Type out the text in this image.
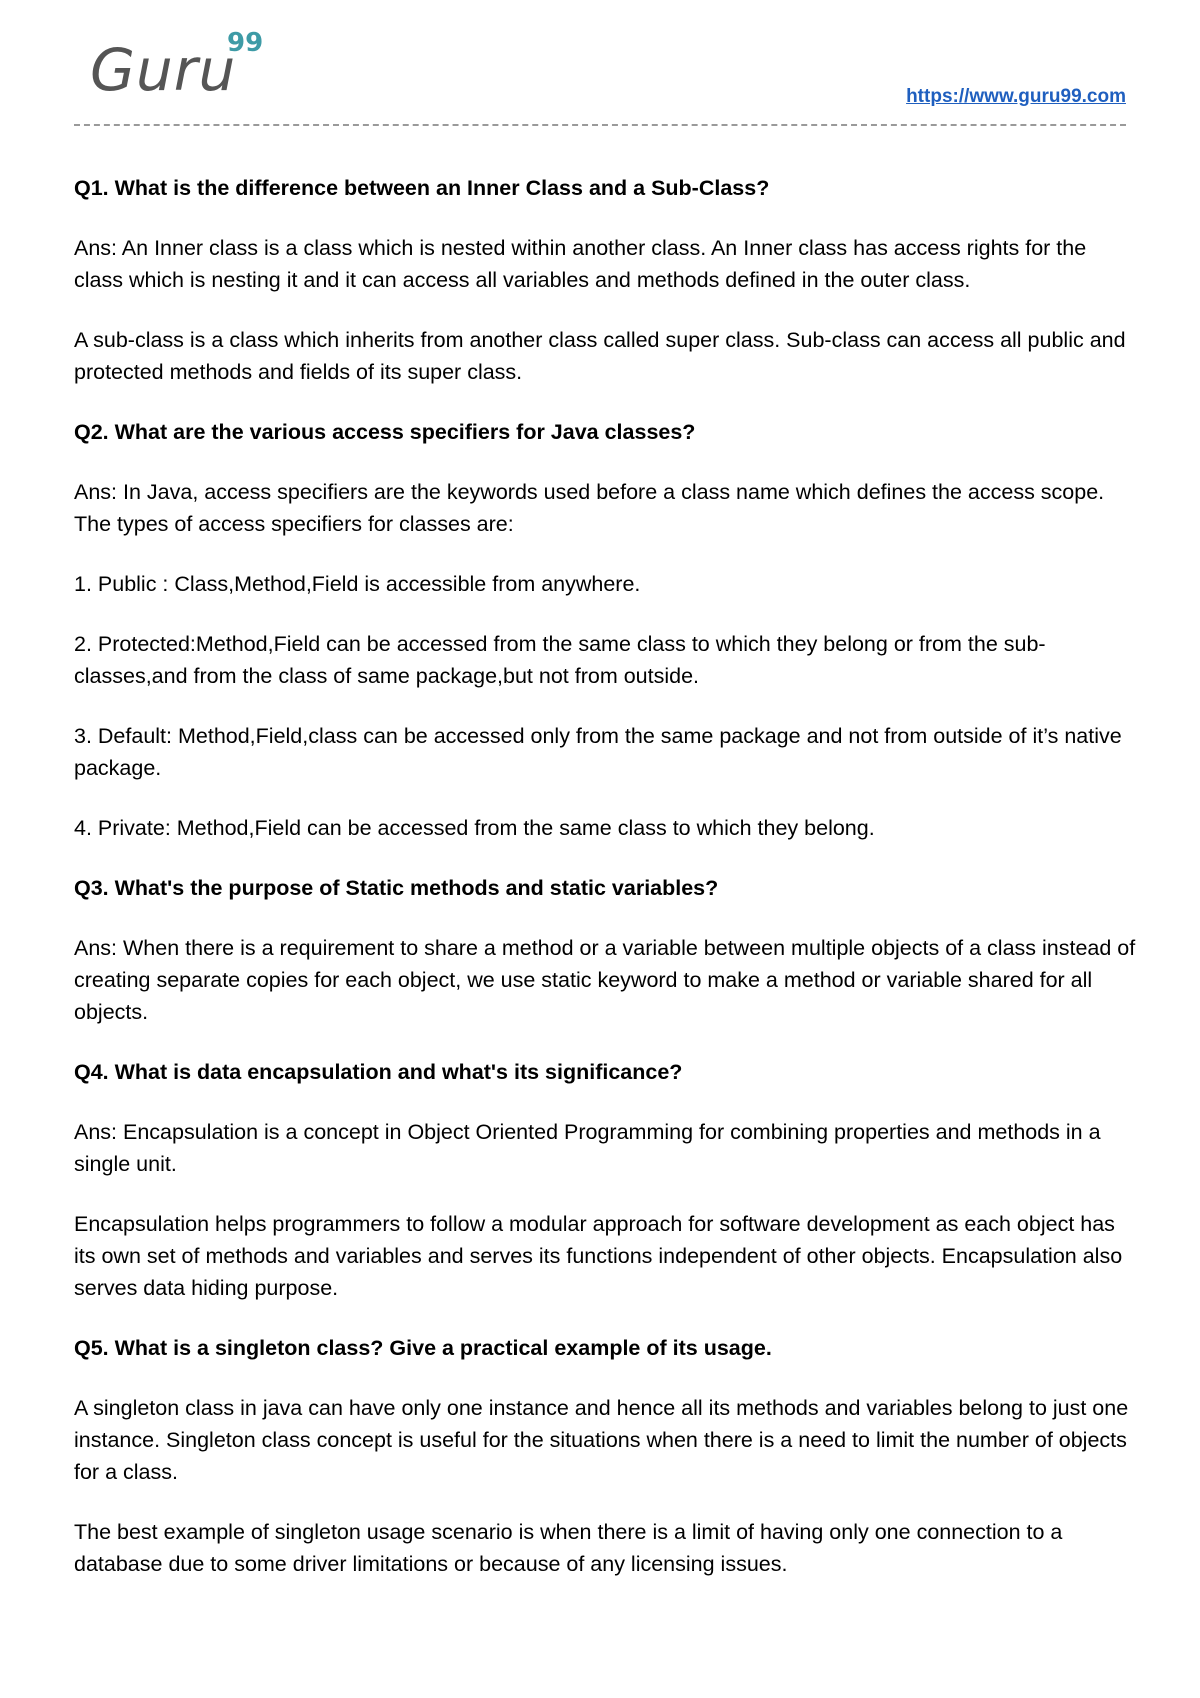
Guru
99
https://www.guru99.com

Q1. What is the difference between an Inner Class and a Sub-Class?

Ans: An Inner class is a class which is nested within another class. An Inner class has access rights for the class which is nesting it and it can access all variables and methods defined in the outer class.

A sub-class is a class which inherits from another class called super class. Sub-class can access all public and protected methods and fields of its super class.

Q2. What are the various access specifiers for Java classes?

Ans: In Java, access specifiers are the keywords used before a class name which defines the access scope. The types of access specifiers for classes are:

1. Public : Class,Method,Field is accessible from anywhere.

2. Protected:Method,Field can be accessed from the same class to which they belong or from the sub-classes,and from the class of same package,but not from outside.

3. Default: Method,Field,class can be accessed only from the same package and not from outside of it’s native package.

4. Private: Method,Field can be accessed from the same class to which they belong.

Q3. What's the purpose of Static methods and static variables?

Ans: When there is a requirement to share a method or a variable between multiple objects of a class instead of creating separate copies for each object, we use static keyword to make a method or variable shared for all objects.

Q4. What is data encapsulation and what's its significance?

Ans: Encapsulation is a concept in Object Oriented Programming for combining properties and methods in a single unit.

Encapsulation helps programmers to follow a modular approach for software development as each object has its own set of methods and variables and serves its functions independent of other objects. Encapsulation also serves data hiding purpose.

Q5. What is a singleton class? Give a practical example of its usage.

A singleton class in java can have only one instance and hence all its methods and variables belong to just one instance. Singleton class concept is useful for the situations when there is a need to limit the number of objects for a class.

The best example of singleton usage scenario is when there is a limit of having only one connection to a database due to some driver limitations or because of any licensing issues.
